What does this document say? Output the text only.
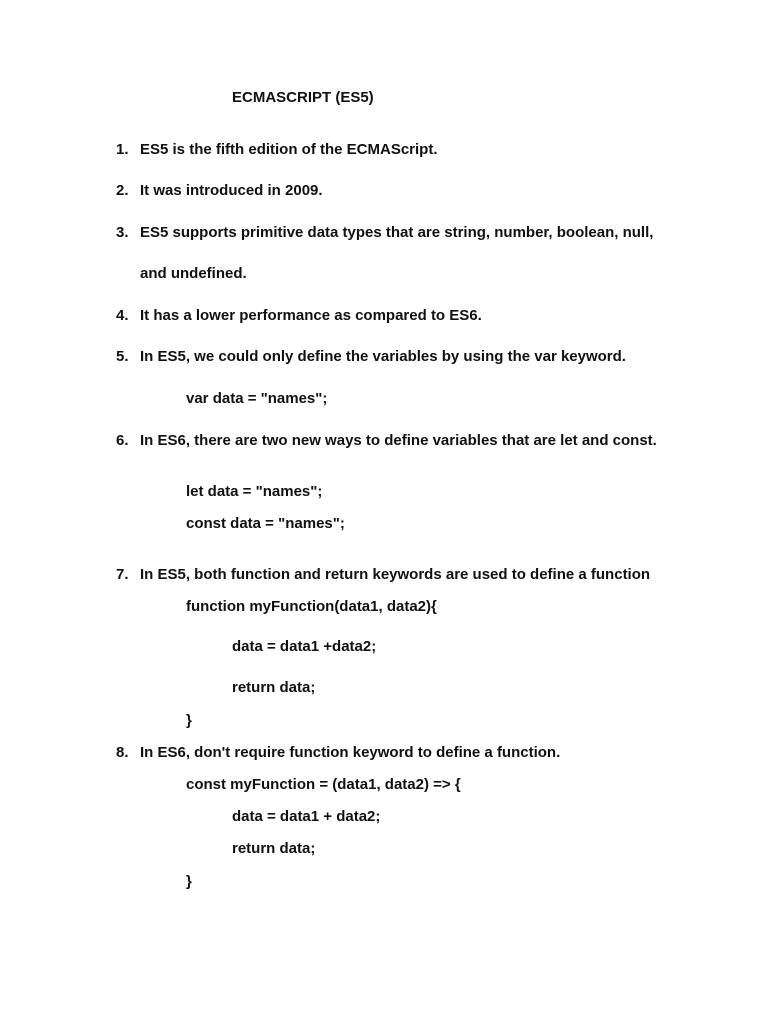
ECMASCRIPT (ES5)
1. ES5 is the fifth edition of the ECMAScript.
2. It was introduced in 2009.
3. ES5 supports primitive data types that are string, number, boolean, null,
and undefined.
4. It has a lower performance as compared to ES6.
5. In ES5, we could only define the variables by using the var keyword.
var data = "names";
6. In ES6, there are two new ways to define variables that are let and const.
let data = "names";
const data = "names";
7. In ES5, both function and return keywords are used to define a function
function myFunction(data1, data2){
data = data1 +data2;
return data;
}
8. In ES6, don't require function keyword to define a function.
const myFunction = (data1, data2) => {
data = data1 + data2;
return data;
}
